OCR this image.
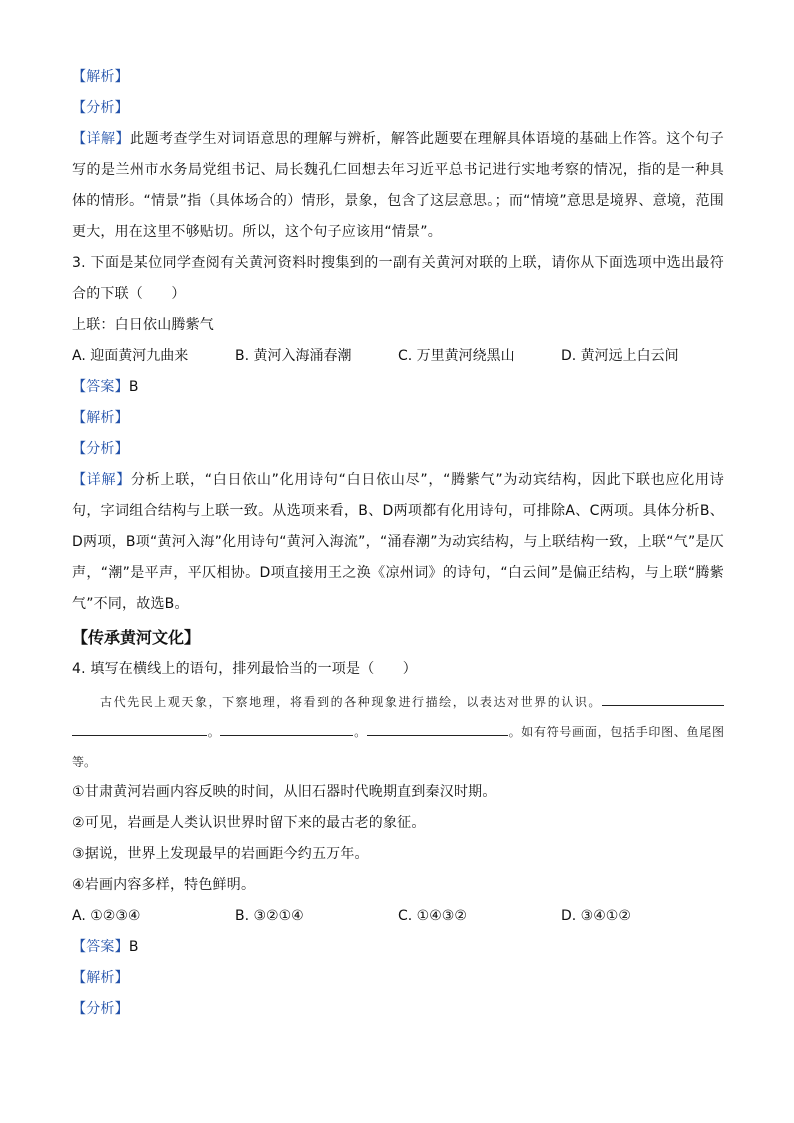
【解析】

【分析】

【详解】此题考查学生对词语意思的理解与辨析，解答此题要在理解具体语境的基础上作答。这个句子写的是兰州市水务局党组书记、局长魏孔仁回想去年习近平总书记进行实地考察的情况，指的是一种具体的情形。“情景”指（具体场合的）情形，景象，包含了这层意思。；而“情境”意思是境界、意境，范围更大，用在这里不够贴切。所以，这个句子应该用“情景”。

3. 下面是某位同学查阅有关黄河资料时搜集到的一副有关黄河对联的上联，请你从下面选项中选出最符合的下联（　　）

上联：白日依山腾紫气

A. 迎面黄河九曲来	B. 黄河入海涌春潮	C. 万里黄河绕黑山	D. 黄河远上白云间

【答案】B

【解析】

【分析】

【详解】分析上联，“白日依山”化用诗句“白日依山尽”，“腾紫气”为动宾结构，因此下联也应化用诗句，字词组合结构与上联一致。从选项来看，B、D两项都有化用诗句，可排除A、C两项。具体分析B、D两项，B项“黄河入海”化用诗句“黄河入海流”，“涌春潮”为动宾结构，与上联结构一致，上联“气”是仄声，“潮”是平声，平仄相协。D项直接用王之涣《凉州词》的诗句，“白云间”是偏正结构，与上联“腾紫气”不同，故选B。

【传承黄河文化】

4. 填写在横线上的语句，排列最恰当的一项是（　　）

古代先民上观天象，下察地理，将看到的各种现象进行描绘，以表达对世界的认识。。	。	。如有符号画面，包括手印图、鱼尾图等。

①甘肃黄河岩画内容反映的时间，从旧石器时代晚期直到秦汉时期。

②可见，岩画是人类认识世界时留下来的最古老的象征。

③据说，世界上发现最早的岩画距今约五万年。

④岩画内容多样，特色鲜明。

A. ①②③④	B. ③②①④	C. ①④③②	D. ③④①②

【答案】B

【解析】

【分析】
